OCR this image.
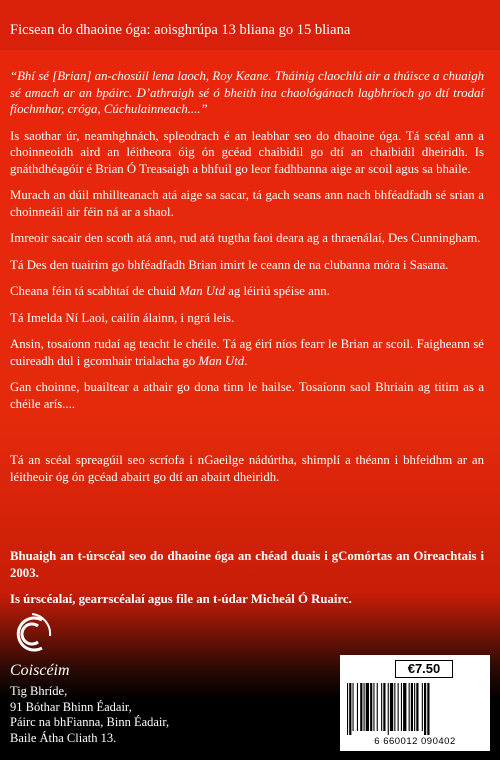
Ficsean do dhaoine óga: aoisghrúpa 13 bliana go 15 bliana

“Bhí sé [Brian] an-chosúil lena laoch, Roy Keane. Tháinig claochlú air a thúisce a chuaigh sé amach ar an bpáirc. D’athraigh sé ó bheith ina chaológánach lagbhríoch go dtí trodaí fíochmhar, cróga, Cúchulainneach....”

Is saothar úr, neamhghnách, spleodrach é an leabhar seo do dhaoine óga. Tá scéal ann a choinneoidh aird an léitheora óig ón gcéad chaibidil go dtí an chaibidil dheiridh. Is gnáthdhéagóir é Brian Ó Treasaigh a bhfuil go leor fadhbanna aige ar scoil agus sa bhaile.

Murach an dúil mhillteanach atá aige sa sacar, tá gach seans ann nach bhféadfadh sé srian a choinneáil air féin ná ar a shaol.

Imreoir sacair den scoth atá ann, rud atá tugtha faoi deara ag a thraenálaí, Des Cunningham.

Tá Des den tuairim go bhféadfadh Brian imirt le ceann de na clubanna móra i Sasana.

Cheana féin tá scabhtaí de chuid Man Utd ag léiriú spéise ann.

Tá Imelda Ní Laoi, cailín álainn, i ngrá leis.

Ansin, tosaíonn rudaí ag teacht le chéile. Tá ag éirí níos fearr le Brian ar scoil. Faigheann sé cuireadh dul i gcomhair trialacha go Man Utd.

Gan choinne, buailtear a athair go dona tinn le hailse. Tosaíonn saol Bhriain ag titim as a chéile arís....

Tá an scéal spreagúil seo scríofa i nGaeilge nádúrtha, shimplí a théann i bhfeidhm ar an léitheoir óg ón gcéad abairt go dtí an abairt dheiridh.

Bhuaigh an t-úrscéal seo do dhaoine óga an chéad duais i gComórtas an Oireachtais i 2003.

Is úrscéalaí, gearrscéalaí agus file an t-údar Micheál Ó Ruairc.

Coiscéim
Tig Bhríde,
91 Bóthar Bhinn Éadair,
Páirc na bhFianna, Binn Éadair,
Baile Átha Cliath 13.
€7.50
6 660012 090402
